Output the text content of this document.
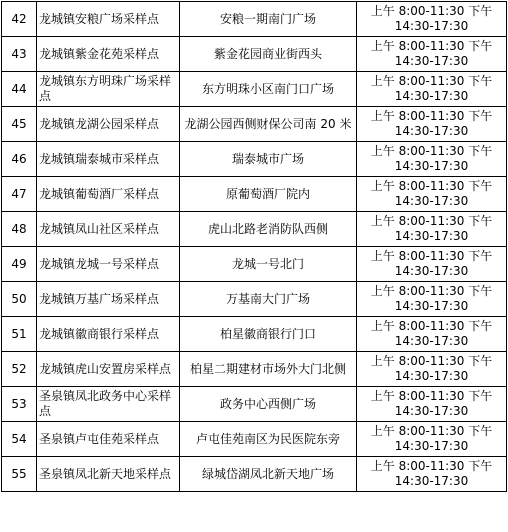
42	龙城镇安粮广场采样点	安粮一期南门广场	上午 8:00-11:30 下午 14:30-17:30
43	龙城镇紫金花苑采样点	紫金花园商业街西头	上午 8:00-11:30 下午 14:30-17:30
44	龙城镇东方明珠广场采样点	东方明珠小区南门口广场	上午 8:00-11:30 下午 14:30-17:30
45	龙城镇龙湖公园采样点	龙湖公园西侧财保公司南 20 米	上午 8:00-11:30 下午 14:30-17:30
46	龙城镇瑞泰城市采样点	瑞泰城市广场	上午 8:00-11:30 下午 14:30-17:30
47	龙城镇葡萄酒厂采样点	原葡萄酒厂院内	上午 8:00-11:30 下午 14:30-17:30
48	龙城镇凤山社区采样点	虎山北路老消防队西侧	上午 8:00-11:30 下午 14:30-17:30
49	龙城镇龙城一号采样点	龙城一号北门	上午 8:00-11:30 下午 14:30-17:30
50	龙城镇万基广场采样点	万基南大门广场	上午 8:00-11:30 下午 14:30-17:30
51	龙城镇徽商银行采样点	柏星徽商银行门口	上午 8:00-11:30 下午 14:30-17:30
52	龙城镇虎山安置房采样点	柏星二期建材市场外大门北侧	上午 8:00-11:30 下午 14:30-17:30
53	圣泉镇凤北政务中心采样点	政务中心西侧广场	上午 8:00-11:30 下午 14:30-17:30
54	圣泉镇卢屯佳苑采样点	卢屯佳苑南区为民医院东旁	上午 8:00-11:30 下午 14:30-17:30
55	圣泉镇凤北新天地采样点	绿城岱湖凤北新天地广场	上午 8:00-11:30 下午 14:30-17:30
